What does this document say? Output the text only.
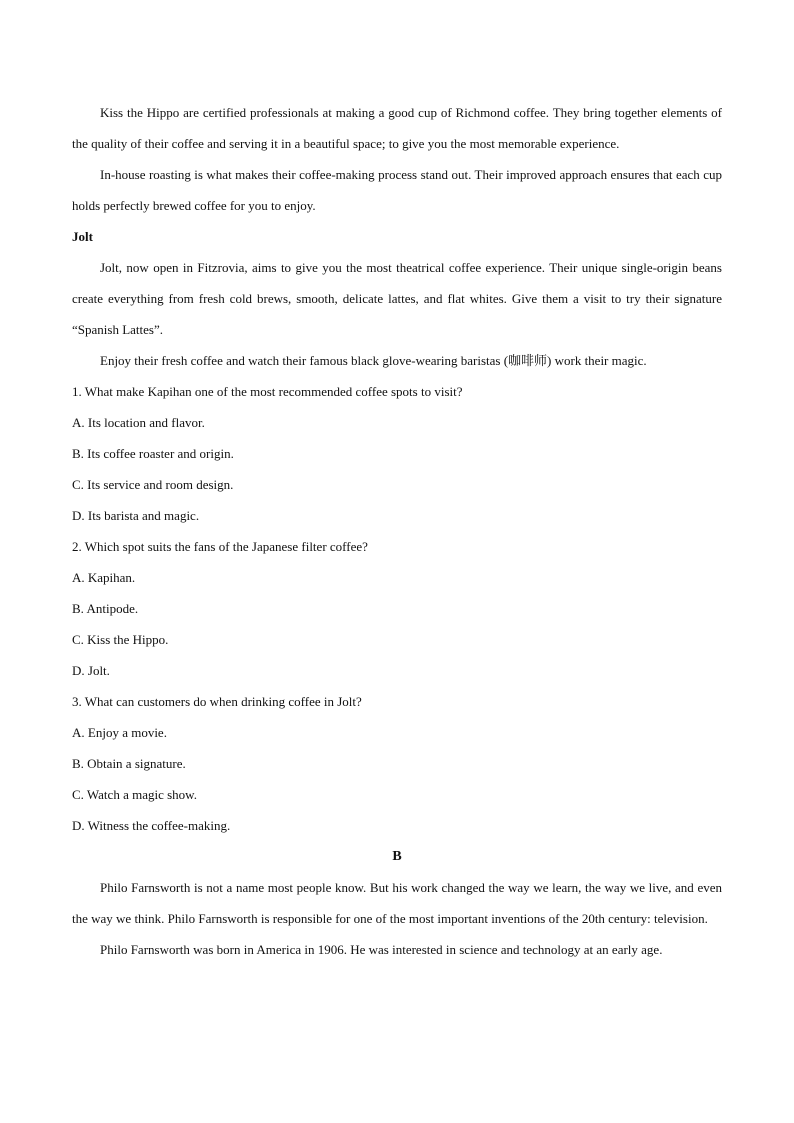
Kiss the Hippo are certified professionals at making a good cup of Richmond coffee. They bring together elements of the quality of their coffee and serving it in a beautiful space; to give you the most memorable experience.

In-house roasting is what makes their coffee-making process stand out. Their improved approach ensures that each cup holds perfectly brewed coffee for you to enjoy.

Jolt

Jolt, now open in Fitzrovia, aims to give you the most theatrical coffee experience. Their unique single-origin beans create everything from fresh cold brews, smooth, delicate lattes, and flat whites. Give them a visit to try their signature “Spanish Lattes”.

Enjoy their fresh coffee and watch their famous black glove-wearing baristas (咖啡师) work their magic.

1. What make Kapihan one of the most recommended coffee spots to visit?

A. Its location and flavor.

B. Its coffee roaster and origin.

C. Its service and room design.

D. Its barista and magic.

2. Which spot suits the fans of the Japanese filter coffee?

A. Kapihan.

B. Antipode.

C. Kiss the Hippo.

D. Jolt.

3. What can customers do when drinking coffee in Jolt?

A. Enjoy a movie.

B. Obtain a signature.

C. Watch a magic show.

D. Witness the coffee-making.

B

Philo Farnsworth is not a name most people know. But his work changed the way we learn, the way we live, and even the way we think. Philo Farnsworth is responsible for one of the most important inventions of the 20th century: television.

Philo Farnsworth was born in America in 1906. He was interested in science and technology at an early age.
